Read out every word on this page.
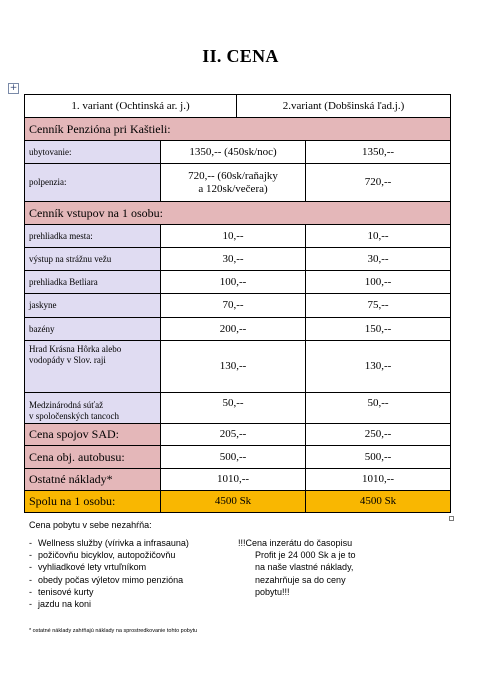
II. CENA
+
1. variant (Ochtinská ar. j.)		2.variant (Dobšinská ľad.j.)	
Cenník Penzióna pri Kaštieli:			
ubytovanie:	1350,-- (450sk/noc)		1350,--
polpenzia:	720,-- (60sk/raňajky
a 120sk/večera)		720,--
Cenník vstupov na 1 osobu:			
prehliadka mesta:	10,--		10,--
výstup na strážnu vežu	30,--		30,--
prehliadka Betliara	100,--		100,--
jaskyne	70,--		75,--
bazény	200,--		150,--

Hrad Krásna Hôrka alebo
vodopády v Slov. raji	130,--		130,--

Medzinárodná súťaž
v spoločenských tancoch	50,--		50,--
Cena spojov SAD:	205,--		250,--
Cena obj. autobusu:	500,--		500,--
Ostatné náklady*	1010,--		1010,--
Spolu na 1 osobu:	4500 Sk		4500 Sk
Cena pobytu v sebe nezahŕňa:
- Wellness služby (vírivka a infrasauna)
- požičovňu bicyklov, autopožičovňu
- vyhliadkové lety vrtuľníkom
- obedy počas výletov mimo penzióna
- tenisové kurty
- jazdu na koni
!!!Cena inzerátu do časopisu
Profit je 24 000 Sk a je to
na naše vlastné náklady,
nezahrňuje sa do ceny
pobytu!!!
* ostatné náklady zahŕňajú náklady na sprostredkovanie tohto pobytu
